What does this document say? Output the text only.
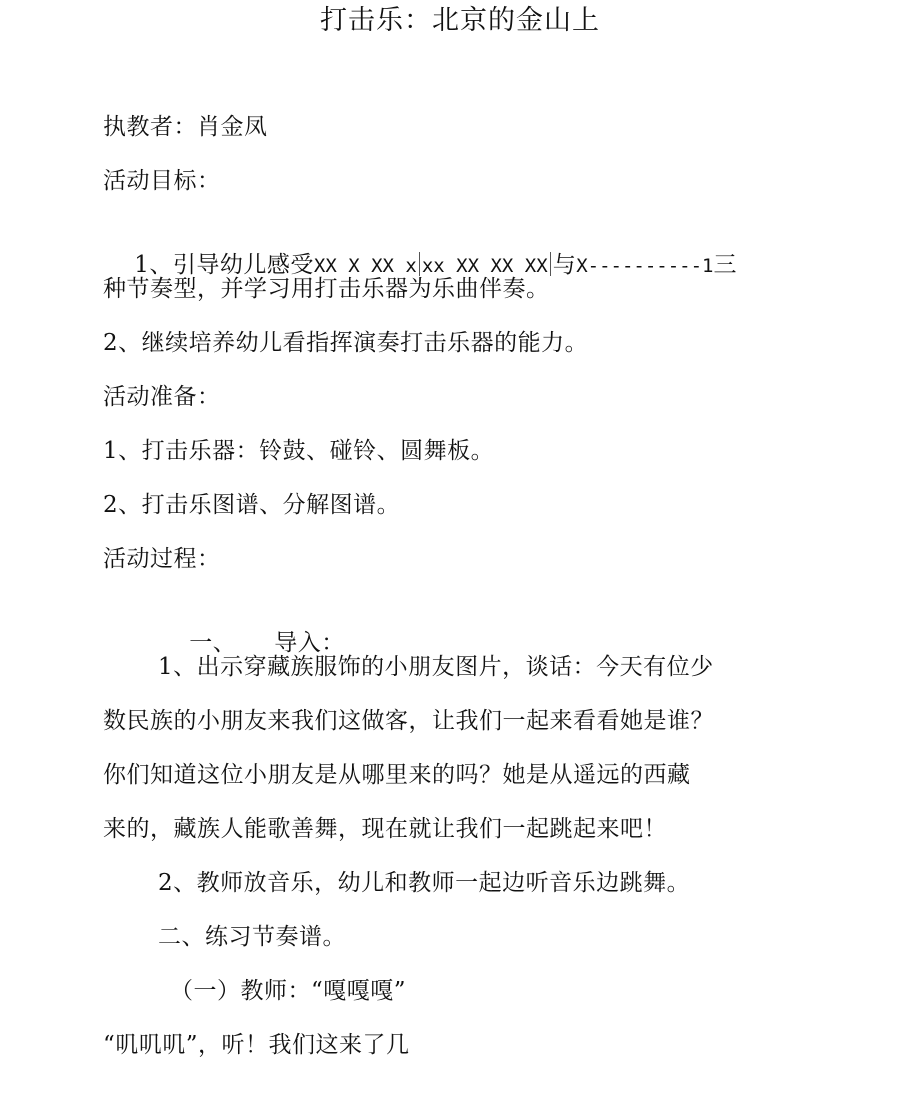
打击乐：北京的金山上
执教者：肖金凤
活动目标：

1、引导幼儿感受XX X XX x xx XX XX XX 与X----------1三

种节奏型，并学习用打击乐器为乐曲伴奏。
2、继续培养幼儿看指挥演奏打击乐器的能力。
活动准备：
1、打击乐器：铃鼓、碰铃、圆舞板。
2、打击乐图谱、分解图谱。
活动过程：

一、 导入：

1、出示穿藏族服饰的小朋友图片，谈话：今天有位少
数民族的小朋友来我们这做客，让我们一起来看看她是谁？
你们知道这位小朋友是从哪里来的吗？她是从遥远的西藏
来的，藏族人能歌善舞，现在就让我们一起跳起来吧！
2、教师放音乐，幼儿和教师一起边听音乐边跳舞。
二、练习节奏谱。
（一）教师：“嘎嘎嘎”
“叽叽叽”，听！我们这来了几
